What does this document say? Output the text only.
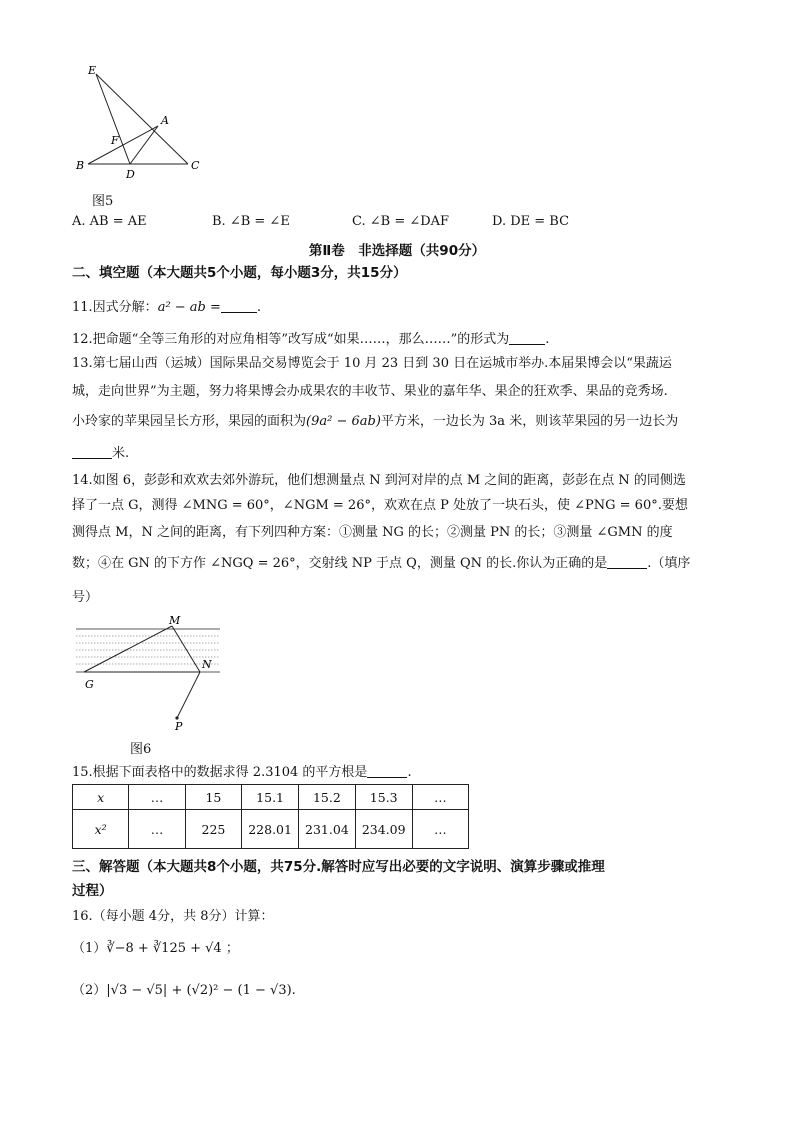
E
A
F
B
D
C
图5
A. AB = AE	B. ∠B = ∠E	C. ∠B = ∠DAF	D. DE = BC
第Ⅱ卷　非选择题（共90分）
二、填空题（本大题共5个小题，每小题3分，共15分）
11.因式分解：a² − ab =	.
12.把命题“全等三角形的对应角相等”改写成“如果……，那么……”的形式为	.
13.第七届山西（运城）国际果品交易博览会于 10 月 23 日到 30 日在运城市举办.本届果博会以“果蔬运
城，走向世界”为主题，努力将果博会办成果农的丰收节、果业的嘉年华、果企的狂欢季、果品的竞秀场.
小玲家的苹果园呈长方形，果园的面积为(9a² − 6ab)平方米，一边长为 3a 米，则该苹果园的另一边长为
米.
14.如图 6，彭彭和欢欢去郊外游玩，他们想测量点 N 到河对岸的点 M 之间的距离，彭彭在点 N 的同侧选
择了一点 G，测得 ∠MNG = 60°，∠NGM = 26°，欢欢在点 P 处放了一块石头，使 ∠PNG = 60°.要想
测得点 M，N 之间的距离，有下列四种方案：①测量 NG 的长；②测量 PN 的长；③测量 ∠GMN 的度
数；④在 GN 的下方作 ∠NGQ = 26°，交射线 NP 于点 Q，测量 QN 的长.你认为正确的是	.（填序
号）
M
N
G
P
图6
15.根据下面表格中的数据求得 2.3104 的平方根是	.
x	…	15	15.1	15.2	15.3	…
x²	…	225	228.01	231.04	234.09	…
三、解答题（本大题共8个小题，共75分.解答时应写出必要的文字说明、演算步骤或推理
过程）
16.（每小题 4分，共 8分）计算：
（1）∛−8 + ∛125 + √4 ；
（2）|√3 − √5| + (√2)² − (1 − √3).
